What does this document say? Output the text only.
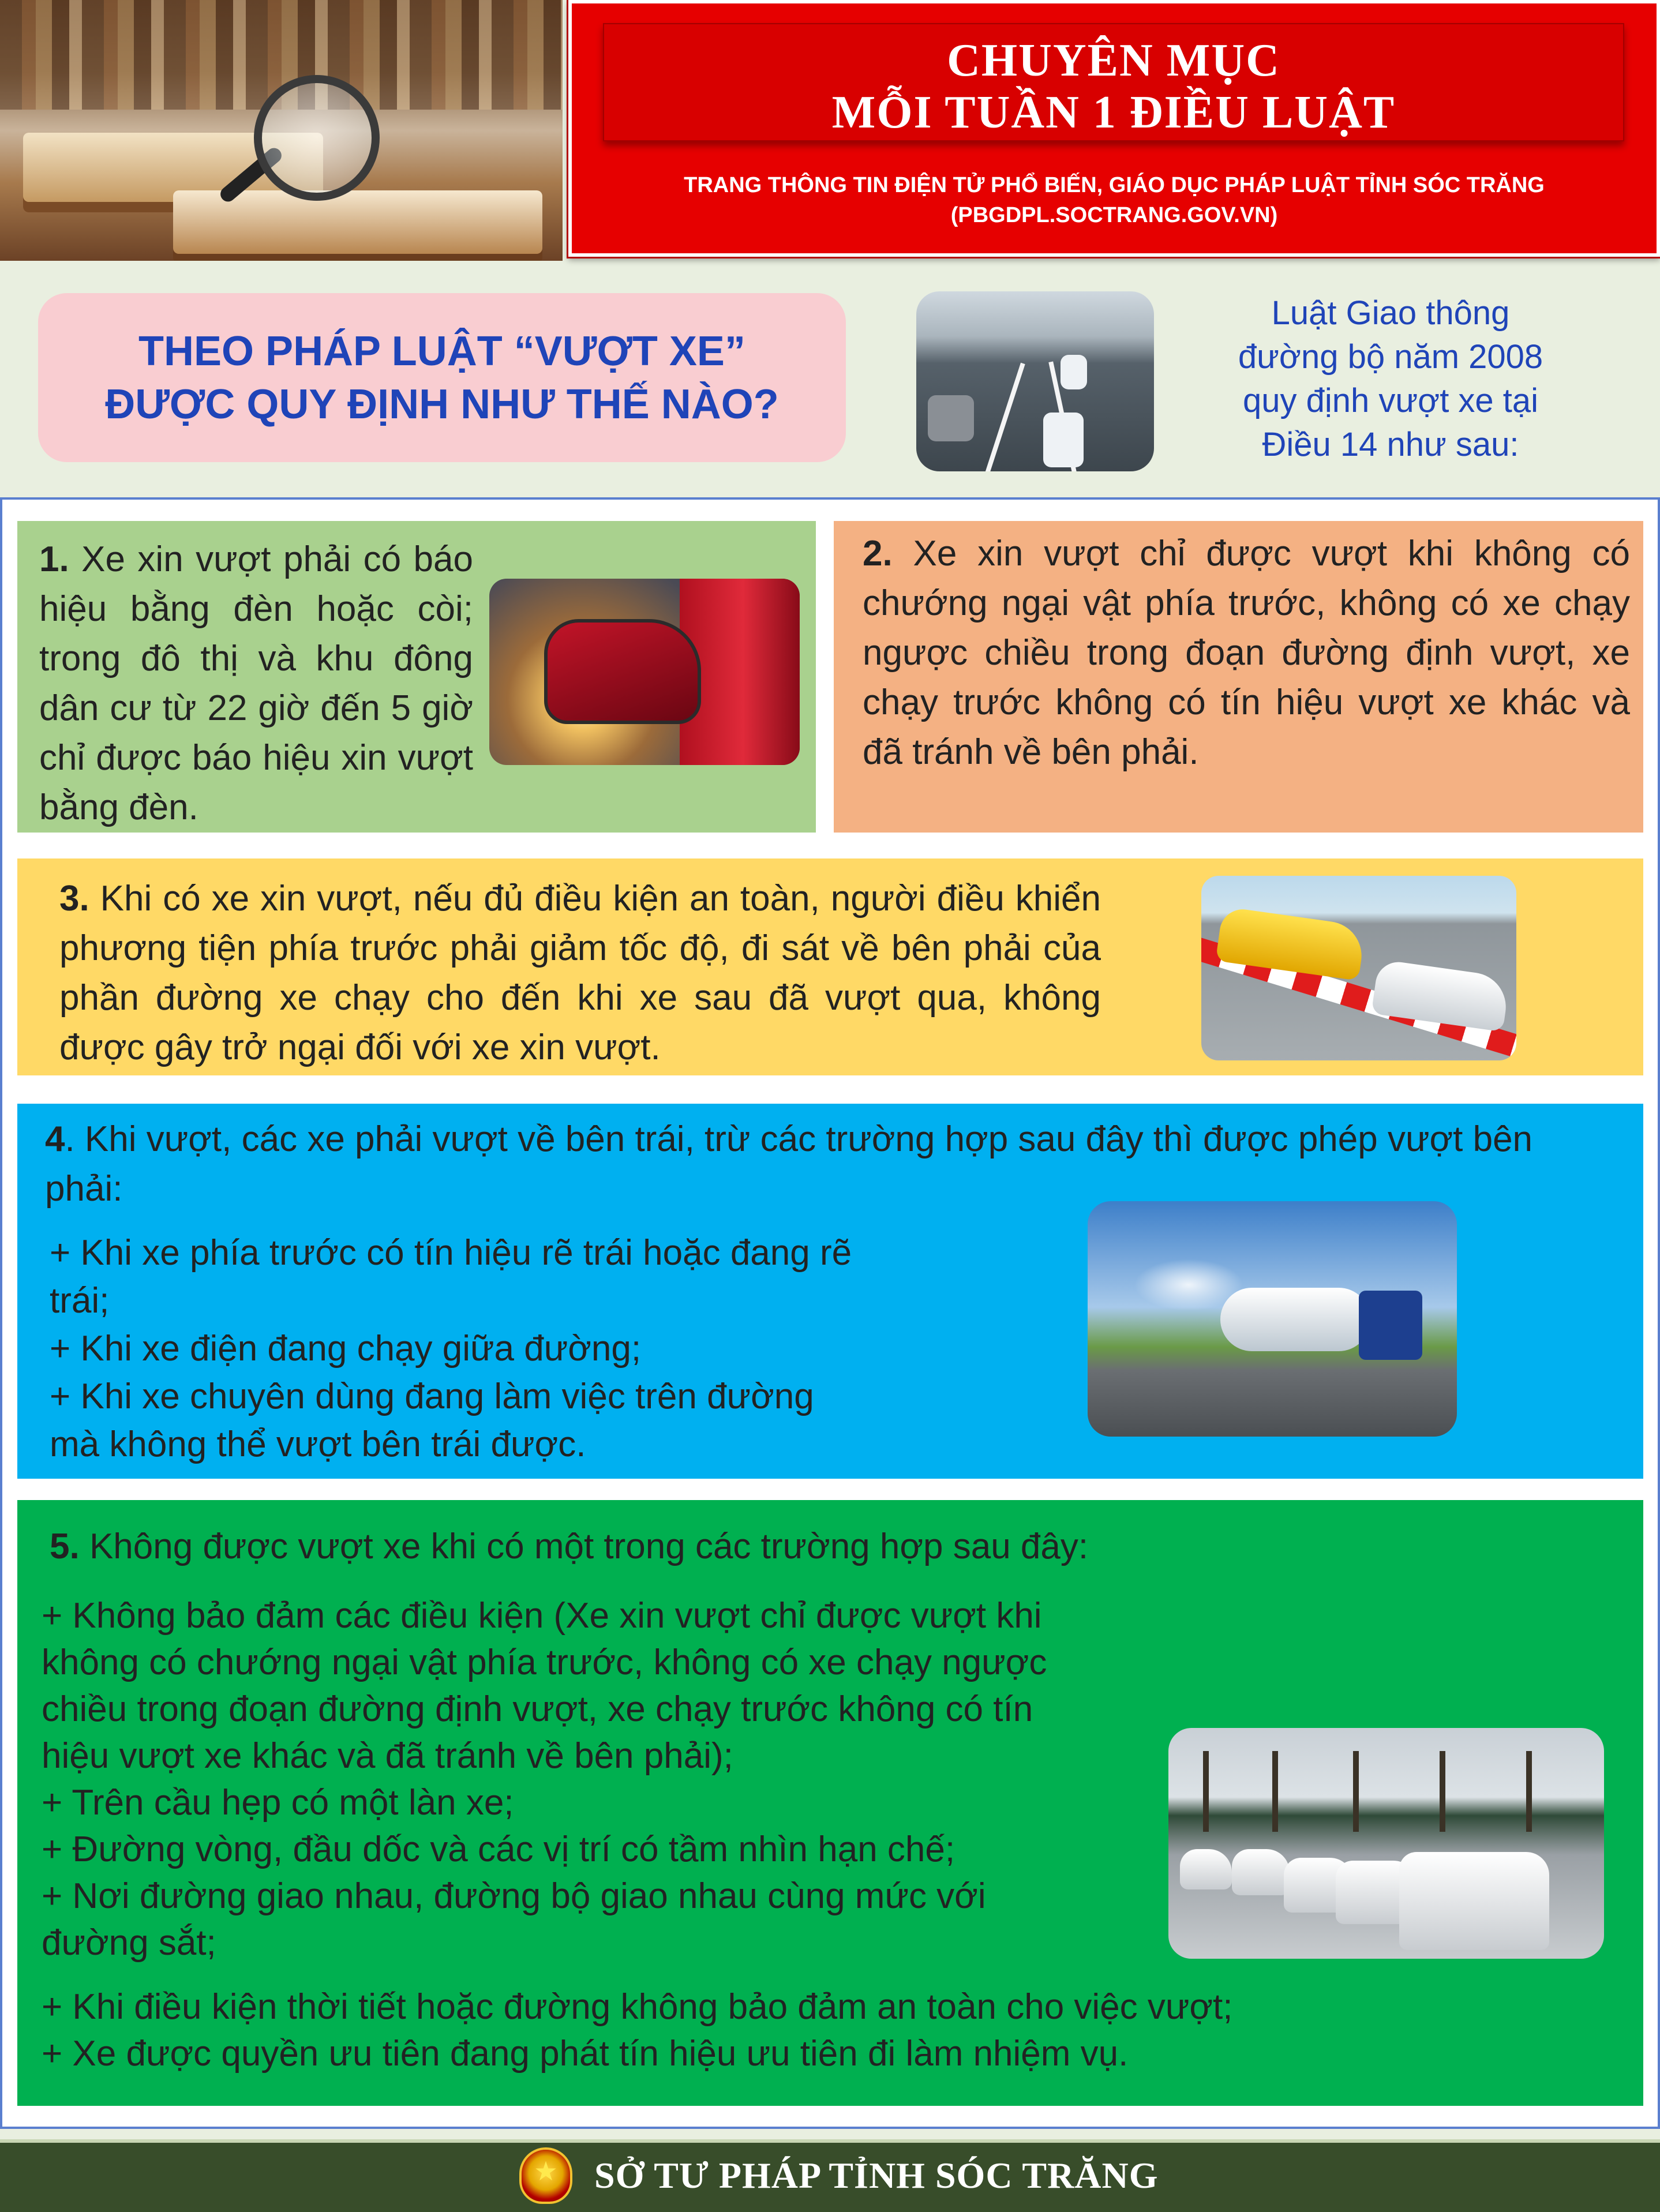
CHUYÊN MỤC
MỖI TUẦN 1 ĐIỀU LUẬT
TRANG THÔNG TIN ĐIỆN TỬ PHỔ BIẾN, GIÁO DỤC PHÁP LUẬT TỈNH SÓC TRĂNG
(PBGDPL.SOCTRANG.GOV.VN)
THEO PHÁP LUẬT “VƯỢT XE”
ĐƯỢC QUY ĐỊNH NHƯ THẾ NÀO?
Luật Giao thông
đường bộ năm 2008
quy định vượt xe tại
Điều 14 như sau:
1. Xe xin vượt phải có báo hiệu bằng đèn hoặc còi; trong đô thị và khu đông dân cư từ 22 giờ đến 5 giờ chỉ được báo hiệu xin vượt bằng đèn.
2. Xe xin vượt chỉ được vượt khi không có chướng ngại vật phía trước, không có xe chạy ngược chiều trong đoạn đường định vượt, xe chạy trước không có tín hiệu vượt xe khác và đã tránh về bên phải.
3. Khi có xe xin vượt, nếu đủ điều kiện an toàn, người điều khiển phương tiện phía trước phải giảm tốc độ, đi sát về bên phải của phần đường xe chạy cho đến khi xe sau đã vượt qua, không được gây trở ngại đối với xe xin vượt.
4. Khi vượt, các xe phải vượt về bên trái, trừ các trường hợp sau đây thì được phép vượt bên phải:
+ Khi xe phía trước có tín hiệu rẽ trái hoặc đang rẽ
trái;
+ Khi xe điện đang chạy giữa đường;
+ Khi xe chuyên dùng đang làm việc trên đường
mà không thể vượt bên trái được.
5. Không được vượt xe khi có một trong các trường hợp sau đây:
+ Không bảo đảm các điều kiện (Xe xin vượt chỉ được vượt khi
không có chướng ngại vật phía trước, không có xe chạy ngược
chiều trong đoạn đường định vượt, xe chạy trước không có tín
hiệu vượt xe khác và đã tránh về bên phải);
+ Trên cầu hẹp có một làn xe;
+ Đường vòng, đầu dốc và các vị trí có tầm nhìn hạn chế;
+ Nơi đường giao nhau, đường bộ giao nhau cùng mức với
đường sắt;
+ Khi điều kiện thời tiết hoặc đường không bảo đảm an toàn cho việc vượt;
+ Xe được quyền ưu tiên đang phát tín hiệu ưu tiên đi làm nhiệm vụ.
★ SỞ TƯ PHÁP TỈNH SÓC TRĂNG
